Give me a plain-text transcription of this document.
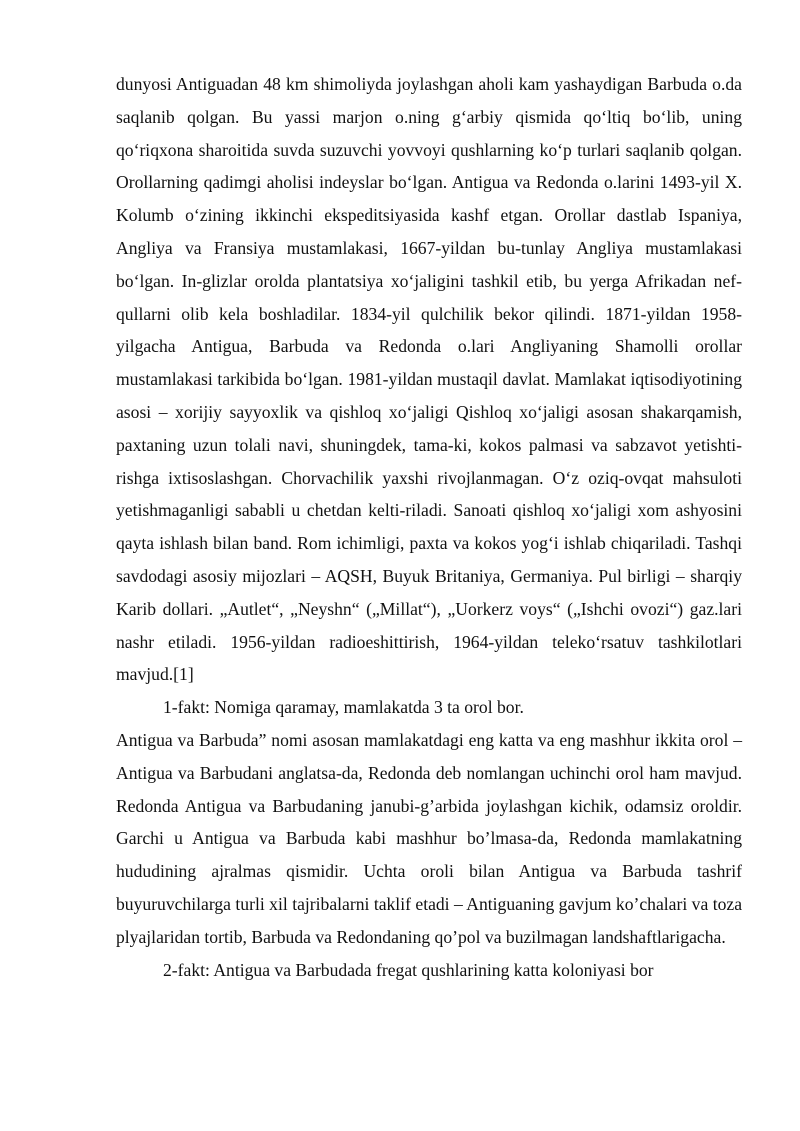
dunyosi Antiguadan 48 km shimoliyda joylashgan aholi kam yashaydigan Barbuda o.da saqlanib qolgan. Bu yassi marjon o.ning g‘arbiy qismida qo‘ltiq bo‘lib, uning qo‘riqxona sharoitida suvda suzuvchi yovvoyi qushlarning ko‘p turlari saqlanib qolgan. Orollarning qadimgi aholisi indeyslar bo‘lgan. Antigua va Redonda o.larini 1493-yil X. Kolumb o‘zining ikkinchi ekspeditsiyasida kashf etgan. Orollar dastlab Ispaniya, Angliya va Fransiya mustamlakasi, 1667-yildan bu-tunlay Angliya mustamlakasi bo‘lgan. In-glizlar orolda plantatsiya xo‘jaligini tashkil etib, bu yerga Afrikadan nef-qullarni olib kela boshladilar. 1834-yil qulchilik bekor qilindi. 1871-yildan 1958-yilgacha Antigua, Barbuda va Redonda o.lari Angliyaning Shamolli orollar mustamlakasi tarkibida bo‘lgan. 1981-yildan mustaqil davlat. Mamlakat iqtisodiyotining asosi – xorijiy sayyoxlik va qishloq xo‘jaligi Qishloq xo‘jaligi asosan shakarqamish, paxtaning uzun tolali navi, shuningdek, tama-ki, kokos palmasi va sabzavot yetishti-rishga ixtisoslashgan. Chorvachilik yaxshi rivojlanmagan. O‘z oziq-ovqat mahsuloti yetishmaganligi sababli u chetdan kelti-riladi. Sanoati qishloq xo‘jaligi xom ashyosini qayta ishlash bilan band. Rom ichimligi, paxta va kokos yog‘i ishlab chiqariladi. Tashqi savdodagi asosiy mijozlari – AQSH, Buyuk Britaniya, Germaniya. Pul birligi – sharqiy Karib dollari. „Autlet“, „Neyshn“ („Millat“), „Uorkerz voys“ („Ishchi ovozi“) gaz.lari nashr etiladi. 1956-yildan radioeshittirish, 1964-yildan teleko‘rsatuv tashkilotlari mavjud.[1]

1-fakt: Nomiga qaramay, mamlakatda 3 ta orol bor.

Antigua va Barbuda” nomi asosan mamlakatdagi eng katta va eng mashhur ikkita orol – Antigua va Barbudani anglatsa-da, Redonda deb nomlangan uchinchi orol ham mavjud. Redonda Antigua va Barbudaning janubi-g’arbida joylashgan kichik, odamsiz oroldir. Garchi u Antigua va Barbuda kabi mashhur bo’lmasa-da, Redonda mamlakatning hududining ajralmas qismidir. Uchta oroli bilan Antigua va Barbuda tashrif buyuruvchilarga turli xil tajribalarni taklif etadi – Antiguaning gavjum ko’chalari va toza plyajlaridan tortib, Barbuda va Redondaning qo’pol va buzilmagan landshaftlarigacha.

2-fakt: Antigua va Barbudada fregat qushlarining katta koloniyasi bor
